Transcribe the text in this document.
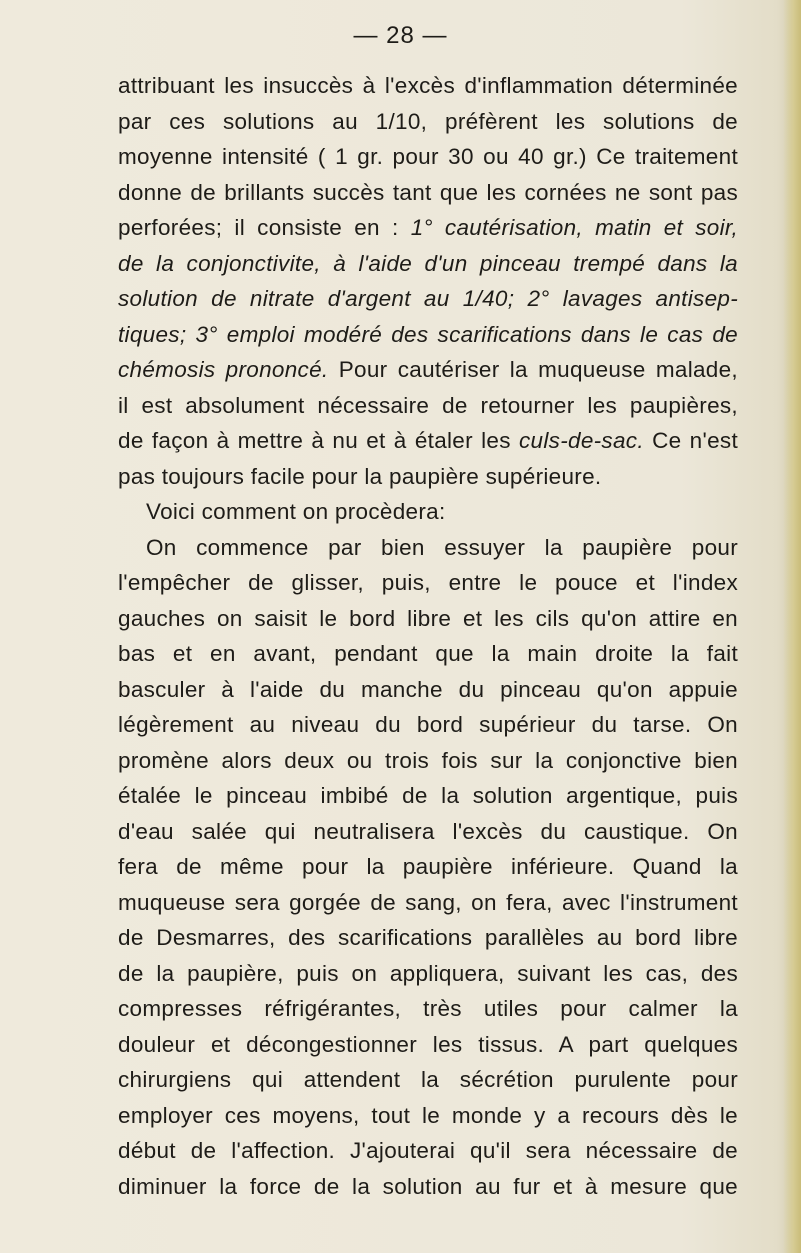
— 28 —
attribuant les insuccès à l'excès d'inflammation déterminée
par ces solutions au 1/10, préfèrent les solutions de
moyenne intensité ( 1 gr. pour 30 ou 40 gr.) Ce traitement
donne de brillants succès tant que les cornées ne sont pas
perforées; il consiste en : 1° cautérisation, matin et soir,
de la conjonctivite, à l'aide d'un pinceau trempé dans la
solution de nitrate d'argent au 1/40; 2° lavages antisep-
tiques; 3° emploi modéré des scarifications dans le cas de
chémosis prononcé. Pour cautériser la muqueuse malade,
il est absolument nécessaire de retourner les paupières,
de façon à mettre à nu et à étaler les culs-de-sac. Ce n'est
pas toujours facile pour la paupière supérieure.
Voici comment on procèdera:
On commence par bien essuyer la paupière pour
l'empêcher de glisser, puis, entre le pouce et l'index
gauches on saisit le bord libre et les cils qu'on attire en
bas et en avant, pendant que la main droite la fait
basculer à l'aide du manche du pinceau qu'on appuie
légèrement au niveau du bord supérieur du tarse. On
promène alors deux ou trois fois sur la conjonctive bien
étalée le pinceau imbibé de la solution argentique, puis
d'eau salée qui neutralisera l'excès du caustique. On
fera de même pour la paupière inférieure. Quand la
muqueuse sera gorgée de sang, on fera, avec l'instrument
de Desmarres, des scarifications parallèles au bord libre
de la paupière, puis on appliquera, suivant les cas, des
compresses réfrigérantes, très utiles pour calmer la
douleur et décongestionner les tissus. A part quelques
chirurgiens qui attendent la sécrétion purulente pour
employer ces moyens, tout le monde y a recours dès le
début de l'affection. J'ajouterai qu'il sera nécessaire de
diminuer la force de la solution au fur et à mesure que
